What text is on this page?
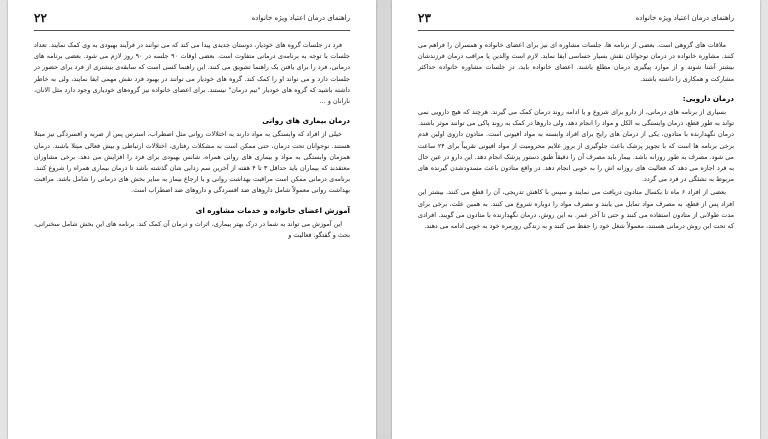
۲۲	راهنمای درمان اعتیاد ویژه خانواده

فرد در جلسات گروه های خودیار، دوستان جدیدی پیدا می کند که می توانند در فرآیند بهبودی به وی کمک نمایند. تعداد جلسات با توجه به برنامه‌ی درمانی متفاوت است. بعضی اوقات ۹۰ جلسه در ۹۰ روز لازم می شود. بعضی برنامه های درمانی، فرد را برای یافتن یک راهنما تشویق می کنند. این راهنما کسی است که سابقه‌ی بیشتری از فرد برای حضور در جلسات دارد و می تواند او را کمک کند. گروه های خودیار می توانند در بهبود فرد نقش مهمی ایفا نمایند، ولی به خاطر داشته باشید که گروه های خودیار "تیم درمان" نیستند. برای اعضای خانواده نیز گروه‌های خودیاری وجود دارد مثل الانان، نارانان و …

درمان بیماری های روانی

خیلی از افراد که وابستگی به مواد دارند به اختلالات روانی مثل اضطراب، استرس پس از ضربه و افسردگی نیز مبتلا هستند. نوجوانان تحت درمان، حتی ممکن است به مشکلات رفتاری، اختلالات ارتباطی و بیش فعالی مبتلا باشند. درمان همزمان وابستگی به مواد و بیماری های روانی همراه، شانس بهبودی برای فرد را افزایش می دهد. برخی مشاوران معتقدند که بیماران باید حداقل ۳ تا ۴ هفته از آخرین سم زدایی شان گذشته باشد تا درمان بیماری همراه را شروع کنند. برنامه‌ی درمانی ممکن است مراقبت بهداشت روانی و یا ارجاع بیمار به سایر بخش های درمانی را شامل باشد. مراقبت بهداشت روانی معمولاً شامل داروهای ضد افسردگی و داروهای ضد اضطراب است.

آموزش اعضای خانواده و خدمات مشاوره ای

این آموزش می تواند به شما در درک بهتر بیماری، اثرات و درمان آن کمک کند. برنامه های این بخش شامل سخنرانی، بحث و گفتگو، فعالیت و

۲۳	راهنمای درمان اعتیاد ویژه خانواده

ملاقات های گروهی است. بعضی از برنامه ها، جلسات مشاوره ای نیز برای اعضای خانواده و همسران را فراهم می کنند. مشاوره خانواده در درمان نوجوانان نقش بسیار حساسی ایفا نماید. لازم است والدین یا مراقب درمان فرزندشان بیشتر آشنا شوند و از موارد پیگیری درمان مطلع باشند. اعضای خانواده باید، در جلسات مشاوره خانواده حداکثر مشارکت و همکاری را داشته باشند.

درمان دارویی:

بسیاری از برنامه های درمانی، از دارو برای شروع و یا ادامه روند درمان کمک می گیرند. هرچند که هیچ دارویی نمی تواند به طور قطع، درمان وابستگی به الکل و مواد را انجام دهد، ولی داروها در کمک به روند پاکی می توانند موثر باشند. درمان نگهدارنده با متادون، یکی از درمان های رایج برای افراد وابسته به مواد افیونی است. متادون داروی اولین قدم برخی برنامه ها است که با تجویز پزشک باعث جلوگیری از بروز علایم محرومیت از مواد افیونی تقریباً برای ۲۴ ساعت می شود. مصرف به طور روزانه باشد. بیمار باید مصرف آن را دقیقاً طبق دستور پزشک انجام دهد. این دارو در عین حال به فرد اجازه می دهد که فعالیت های روزانه اش را به خوبی انجام دهد. در واقع متادون باعث مسدودشدن گیرنده های مربوط به نشئگی در فرد می گردد.

بعضی از افراد ۶ ماه تا یکسال متادون دریافت می نمایند و سپس با کاهش تدریجی، آن را قطع می کنند. بیشتر این افراد پس از قطع، به مصرف مواد تمایل می یابند و مصرف مواد را دوباره شروع می کنند. به همین علت، برخی برای مدت طولانی از متادون استفاده می کنند و حتی تا آخر عمر. به این روش، درمان نگهدارنده با متادون می گویند. افرادی که تحت این روش درمانی هستند، معمولاً شغل خود را حفظ می کنند و به زندگی روزمره خود به خوبی ادامه می دهند.
